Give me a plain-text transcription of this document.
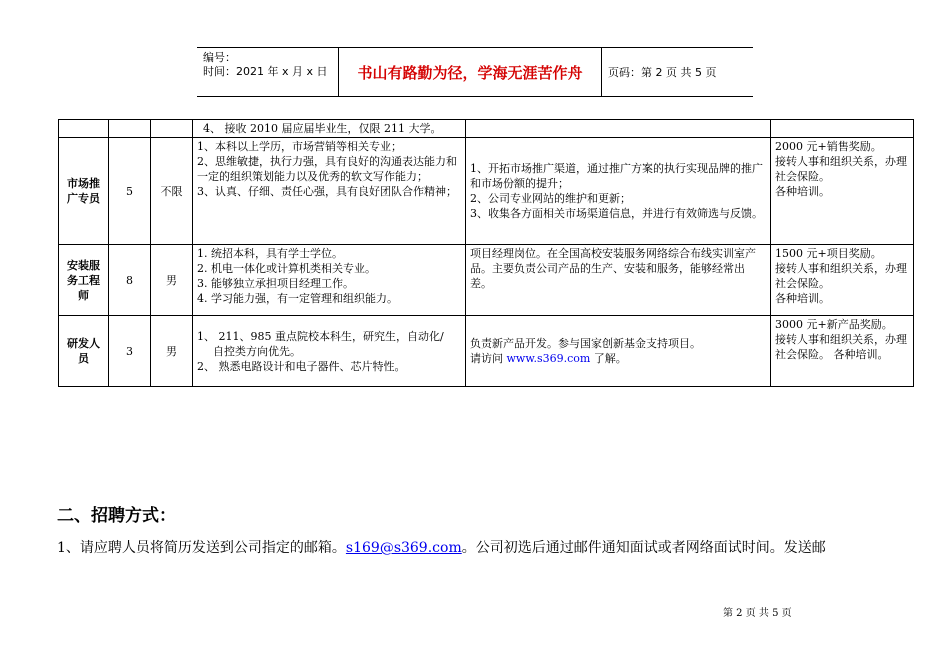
编号：
时间：2021 年 x 月 x 日	书山有路勤为径，学海无涯苦作舟	页码：第 2 页 共 5 页

			4、 接收 2010 届应届毕业生，仅限 211 大学。		

市场推广专员	5	不限	1、本科以上学历，市场营销等相关专业；
2、思维敏捷，执行力强，具有良好的沟通表达能力和一定的组织策划能力以及优秀的软文写作能力；
3、认真、仔细、责任心强，具有良好团队合作精神；	1、开拓市场推广渠道，通过推广方案的执行实现品牌的推广和市场份额的提升；
2、公司专业网站的维护和更新；
3、收集各方面相关市场渠道信息，并进行有效筛选与反馈。	2000 元+销售奖励。
接转人事和组织关系，办理社会保险。
各种培训。

安装服务工程师	8	男	1. 统招本科，具有学士学位。
2. 机电一体化或计算机类相关专业。
3. 能够独立承担项目经理工作。
4. 学习能力强，有一定管理和组织能力。	项目经理岗位。在全国高校安装服务网络综合布线实训室产品。主要负责公司产品的生产、安装和服务，能够经常出差。	1500 元+项目奖励。
接转人事和组织关系，办理社会保险。
各种培训。

研发人员	3	男	1、 211、985 重点院校本科生，研究生，自动化/
自控类方向优先。
2、 熟悉电路设计和电子器件、芯片特性。	负责新产品开发。参与国家创新基金支持项目。
请访问 www.s369.com 了解。	3000 元+新产品奖励。
接转人事和组织关系，办理社会保险。 各种培训。
二、招聘方式：
1、请应聘人员将简历发送到公司指定的邮箱。s169@s369.com。公司初选后通过邮件通知面试或者网络面试时间。发送邮
第 2 页 共 5 页
